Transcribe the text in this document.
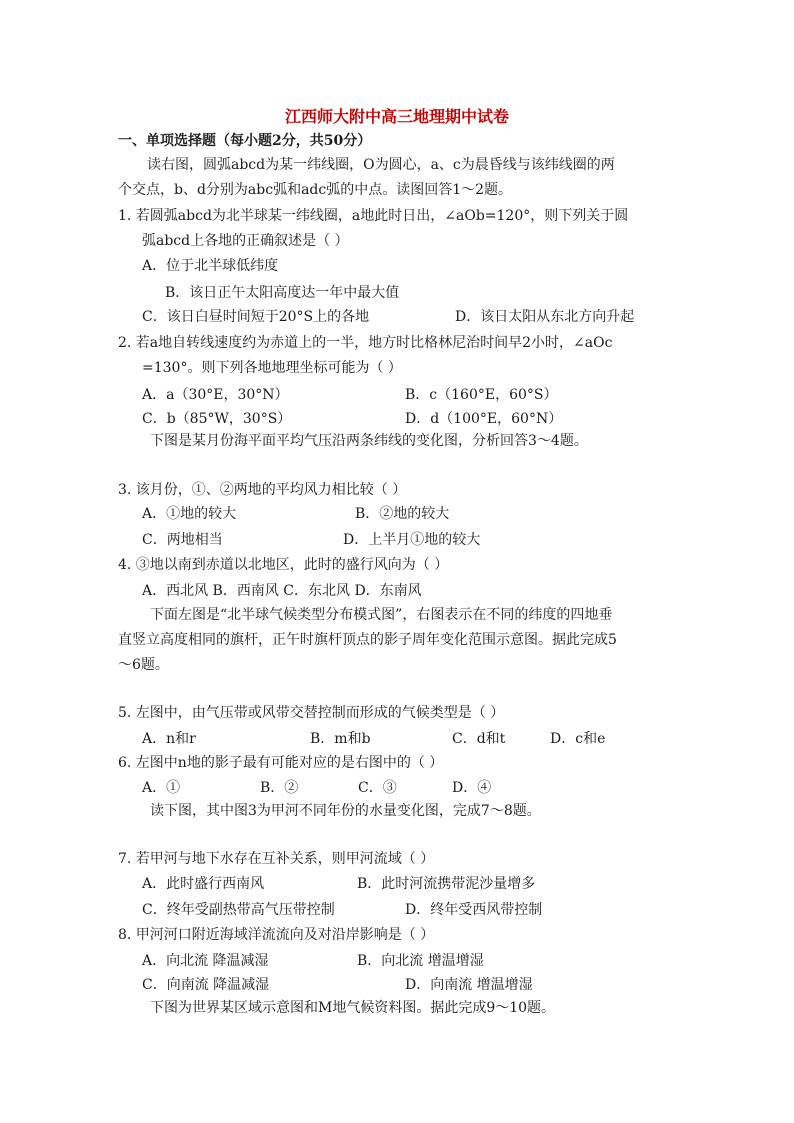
江西师大附中高三地理期中试卷
一、单项选择题（每小题2分，共50分）
读右图，圆弧abcd为某一纬线圈，O为圆心，a、c为晨昏线与该纬线圈的两
个交点，b、d分别为abc弧和adc弧的中点。读图回答1～2题。
1. 若圆弧abcd为北半球某一纬线圈，a地此时日出，∠aOb=120°，则下列关于圆
弧abcd上各地的正确叙述是（ ）
A．位于北半球低纬度
B．该日正午太阳高度达一年中最大值
C．该日白昼时间短于20°S上的各地	D．该日太阳从东北方向升起
2. 若a地自转线速度约为赤道上的一半，地方时比格林尼治时间早2小时，∠aOc
=130°。则下列各地地理坐标可能为（ ）
A．a（30°E，30°N）	B．c（160°E，60°S）
C．b（85°W，30°S）	D．d（100°E，60°N）
下图是某月份海平面平均气压沿两条纬线的变化图，分析回答3～4题。
3. 该月份，①、②两地的平均风力相比较（ ）
A．①地的较大	B．②地的较大
C．两地相当	D．上半月①地的较大
4. ③地以南到赤道以北地区，此时的盛行风向为（ ）
A．西北风 B．西南风 C．东北风 D．东南风
下面左图是“北半球气候类型分布模式图”，右图表示在不同的纬度的四地垂
直竖立高度相同的旗杆，正午时旗杆顶点的影子周年变化范围示意图。据此完成5
～6题。
5. 左图中，由气压带或风带交替控制而形成的气候类型是（ ）
A．n和r	B．m和b	C．d和t	D．c和e
6. 左图中n地的影子最有可能对应的是右图中的（ ）
A．①	B．②	C．③	D．④
读下图，其中图3为甲河不同年份的水量变化图，完成7～8题。
7. 若甲河与地下水存在互补关系，则甲河流域（ ）
A．此时盛行西南风	B．此时河流携带泥沙量增多
C．终年受副热带高气压带控制	D．终年受西风带控制
8. 甲河河口附近海域洋流流向及对沿岸影响是（ ）
A．向北流 降温减湿	B．向北流 增温增湿
C．向南流 降温减湿	D．向南流 增温增湿
下图为世界某区域示意图和M地气候资料图。据此完成9～10题。
